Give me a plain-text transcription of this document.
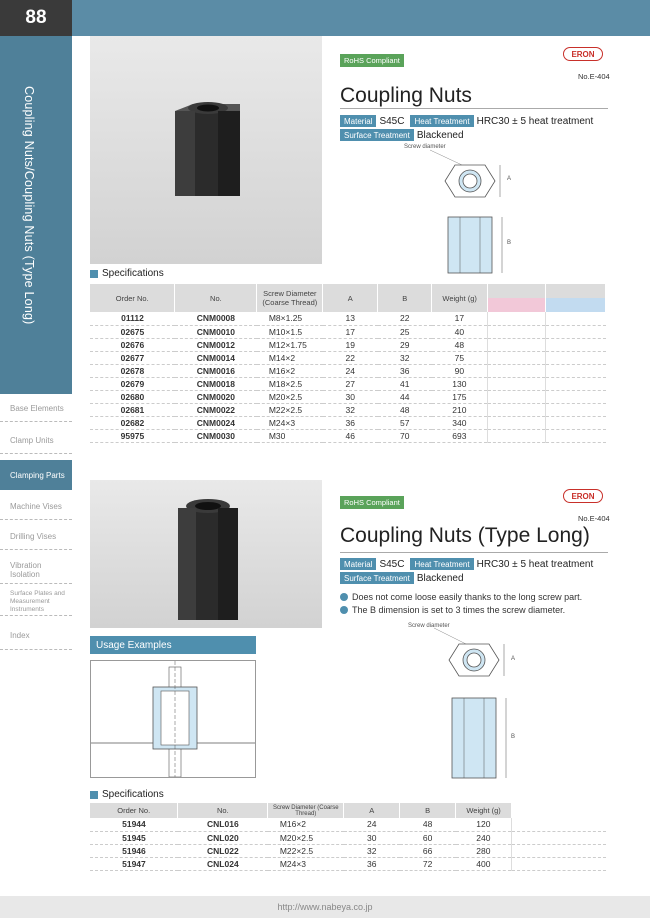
88
Coupling Nuts/Coupling Nuts (Type Long)
Base Elements
Clamp Units
Clamping Parts
Machine Vises
Drilling Vises
Vibration Isolation
Surface Plates and Measurement Instruments
Index
RoHS Compliant
ERON
No.E-404
Coupling Nuts
Material S45C	Heat Treatment HRC30 ± 5 heat treatment
Surface Treatment Blackened
Screw diameter
A
B
Specifications
Order No.	No.	Screw Diameter (Coarse Thread)	A	B	Weight (g)		
01112	CNM0008	M8×1.25	13	22	17		
02675	CNM0010	M10×1.5	17	25	40		
02676	CNM0012	M12×1.75	19	29	48		
02677	CNM0014	M14×2	22	32	75		
02678	CNM0016	M16×2	24	36	90		
02679	CNM0018	M18×2.5	27	41	130		
02680	CNM0020	M20×2.5	30	44	175		
02681	CNM0022	M22×2.5	32	48	210		
02682	CNM0024	M24×3	36	57	340		
95975	CNM0030	M30	46	70	693		
RoHS Compliant
ERON
No.E-404
Coupling Nuts (Type Long)
Material S45C	Heat Treatment HRC30 ± 5 heat treatment
Surface Treatment Blackened
Does not come loose easily thanks to the long screw part.
The B dimension is set to 3 times the screw diameter.
Usage Examples
Screw diameter
A
B
Specifications
Order No.	No.	Screw Diameter (Coarse Thread)	A	B	Weight (g)	
51944	CNL016	M16×2	24	48	120	
51945	CNL020	M20×2.5	30	60	240	
51946	CNL022	M22×2.5	32	66	280	
51947	CNL024	M24×3	36	72	400	
http://www.nabeya.co.jp
